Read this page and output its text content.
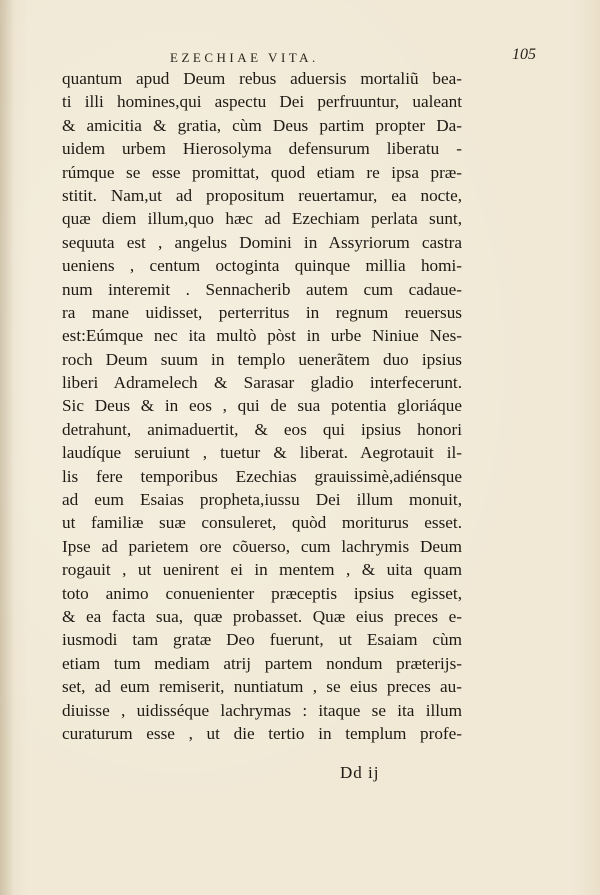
EZECHIAE VITA.	105
quantum apud Deum rebus aduersis mortaliũ bea-
ti illi homines,qui aspectu Dei perfruuntur, ualeant
& amicitia & gratia, cùm Deus partim propter Da-
uidem urbem Hierosolyma defensurum liberatu -
rúmque se esse promittat, quod etiam re ipsa præ-
stitit. Nam,ut ad propositum reuertamur, ea nocte,
quæ diem illum,quo hæc ad Ezechiam perlata sunt,
sequuta est , angelus Domini in Assyriorum castra
ueniens , centum octoginta quinque millia homi-
num interemit . Sennacherib autem cum cadaue-
ra mane uidisset, perterritus in regnum reuersus
est:Eúmque nec ita multò pòst in urbe Niniue Nes-
roch Deum suum in templo uenerãtem duo ipsius
liberi Adramelech & Sarasar gladio interfecerunt.
Sic Deus & in eos , qui de sua potentia gloriáque
detrahunt, animaduertit, & eos qui ipsius honori
laudíque seruiunt , tuetur & liberat. Aegrotauit il-
lis fere temporibus Ezechias grauissimè,adiénsque
ad eum Esaias propheta,iussu Dei illum monuit,
ut familiæ suæ consuleret, quòd moriturus esset.
Ipse ad parietem ore cõuerso, cum lachrymis Deum
rogauit , ut uenirent ei in mentem , & uita quam
toto animo conuenienter præceptis ipsius egisset,
& ea facta sua, quæ probasset. Quæ eius preces e-
iusmodi tam gratæ Deo fuerunt, ut Esaiam cùm
etiam tum mediam atrij partem nondum præterijs-
set, ad eum remiserit, nuntiatum , se eius preces au-
diuisse , uidisséque lachrymas : itaque se ita illum
curaturum esse , ut die tertio in templum profe-
Dd ij
